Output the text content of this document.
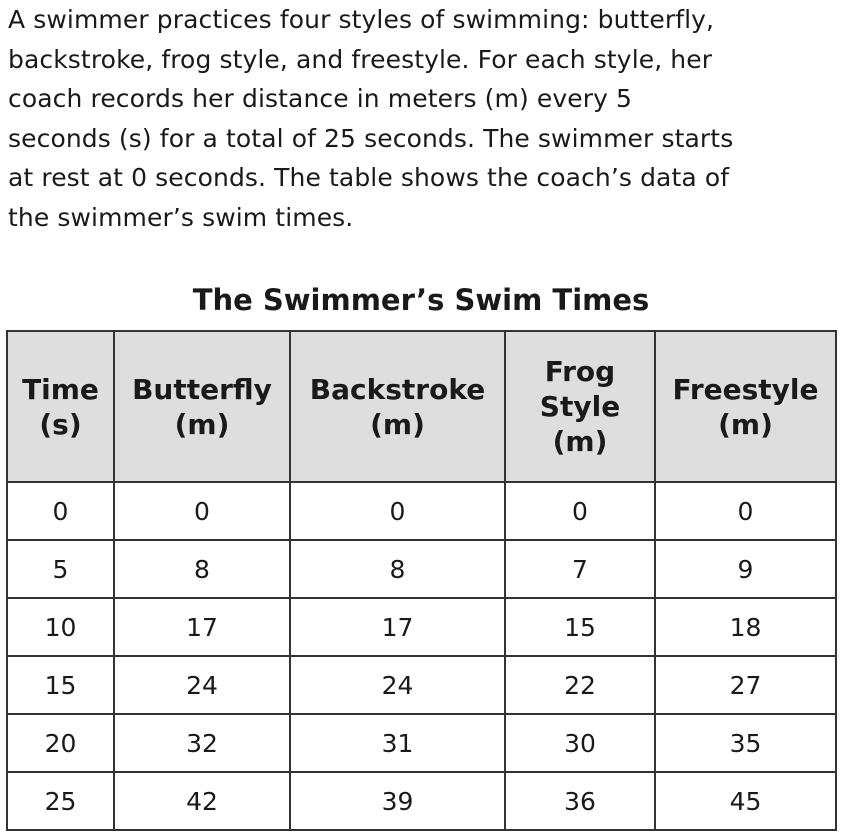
A swimmer practices four styles of swimming: butterfly,
backstroke, frog style, and freestyle. For each style, her
coach records her distance in meters (m) every 5
seconds (s) for a total of 25 seconds. The swimmer starts
at rest at 0 seconds. The table shows the coach’s data of
the swimmer’s swim times.
The Swimmer’s Swim Times
Time
(s)	Butterfly
(m)	Backstroke
(m)	Frog
Style
(m)	Freestyle
(m)

0	0	0	0	0
5	8	8	7	9
10	17	17	15	18
15	24	24	22	27
20	32	31	30	35
25	42	39	36	45
